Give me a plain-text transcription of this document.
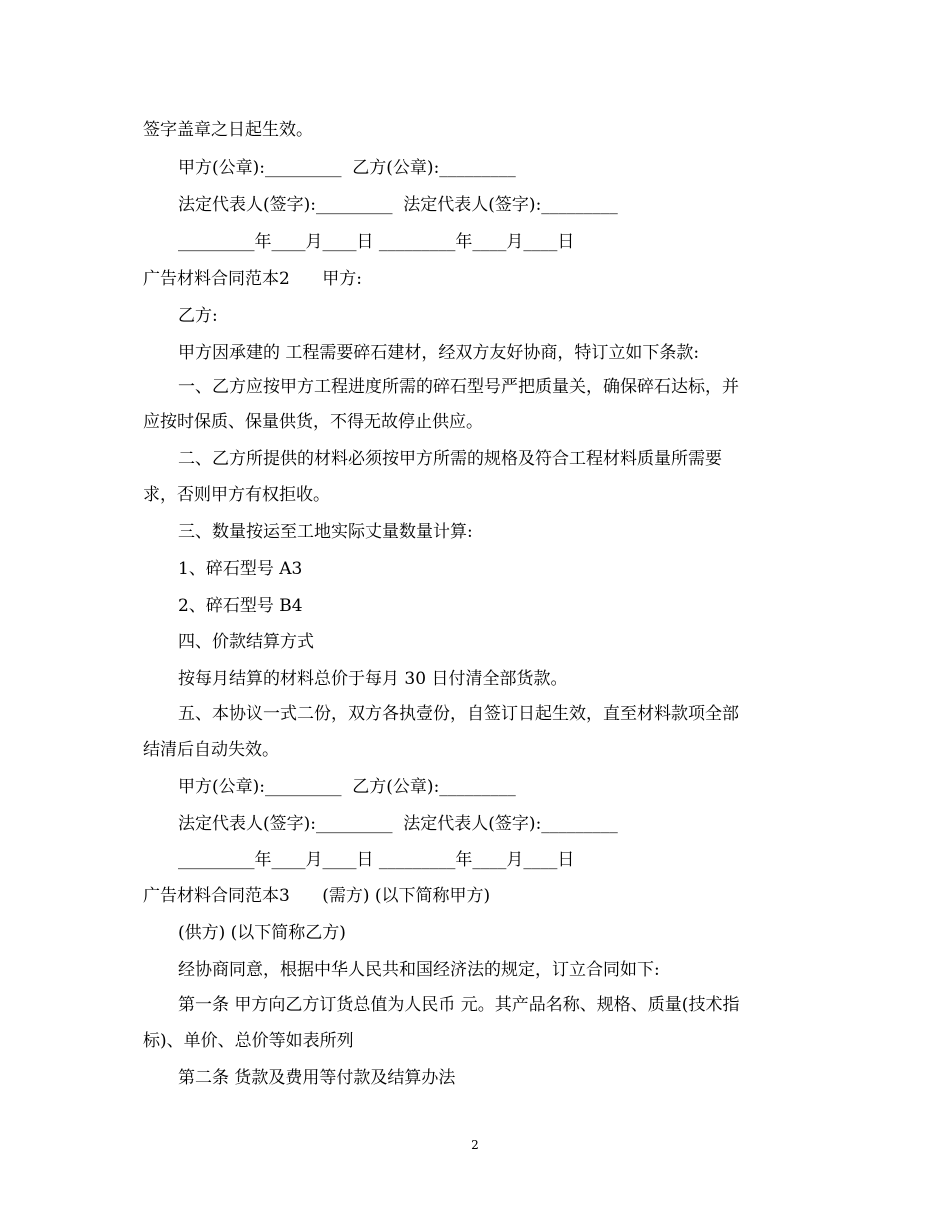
签字盖章之日起生效。
甲方(公章):_________  乙方(公章):_________
法定代表人(签字):_________  法定代表人(签字):_________
_________年____月____日 _________年____月____日
广告材料合同范本2      甲方:
乙方:
甲方因承建的 工程需要碎石建材，经双方友好协商，特订立如下条款:
一、乙方应按甲方工程进度所需的碎石型号严把质量关，确保碎石达标，并
应按时保质、保量供货，不得无故停止供应。
二、乙方所提供的材料必须按甲方所需的规格及符合工程材料质量所需要
求，否则甲方有权拒收。
三、数量按运至工地实际丈量数量计算:
1、碎石型号 A3
2、碎石型号 B4
四、价款结算方式
按每月结算的材料总价于每月 30 日付清全部货款。
五、本协议一式二份，双方各执壹份，自签订日起生效，直至材料款项全部
结清后自动失效。
甲方(公章):_________  乙方(公章):_________
法定代表人(签字):_________  法定代表人(签字):_________
_________年____月____日 _________年____月____日
广告材料合同范本3      (需方) (以下简称甲方)
(供方) (以下简称乙方)
经协商同意，根据中华人民共和国经济法的规定，订立合同如下:
第一条 甲方向乙方订货总值为人民币 元。其产品名称、规格、质量(技术指
标)、单价、总价等如表所列
第二条 货款及费用等付款及结算办法
2
